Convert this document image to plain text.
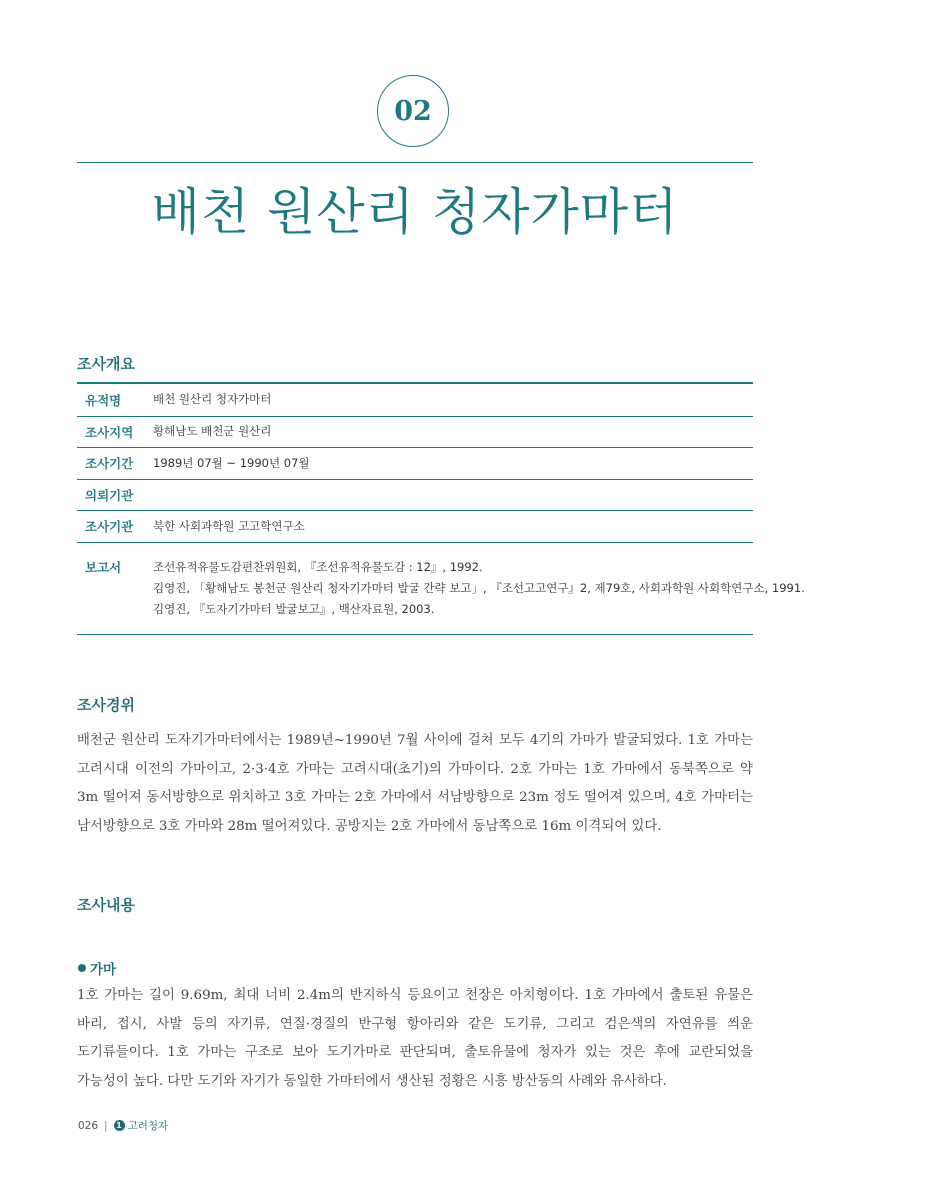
02
배천 원산리 청자가마터
조사개요
유적명	배천 원산리 청자가마터
조사지역	황해남도 배천군 원산리
조사기간	1989년 07월 ~ 1990년 07월
의뢰기관
조사기관	북한 사회과학원 고고학연구소
보고서	조선유적유물도감편찬위원회, 『조선유적유물도감 : 12』, 1992.
김영진, 「황해남도 봉천군 원산리 청자기가마터 발굴 간략 보고」, 『조선고고연구』2, 제79호, 사회과학원 사회학연구소, 1991.
김영진, 『도자기가마터 발굴보고』, 백산자료원, 2003.
조사경위

배천군 원산리 도자기가마터에서는 1989년~1990년 7월 사이에 걸쳐 모두 4기의 가마가 발굴되었다. 1호 가마는 고려시대 이전의 가마이고, 2·3·4호 가마는 고려시대(초기)의 가마이다. 2호 가마는 1호 가마에서 동북쪽으로 약 3m 떨어져 동서방향으로 위치하고 3호 가마는 2호 가마에서 서남방향으로 23m 정도 떨어져 있으며, 4호 가마터는 남서방향으로 3호 가마와 28m 떨어져있다. 공방지는 2호 가마에서 동남쪽으로 16m 이격되어 있다.

조사내용
가마

1호 가마는 길이 9.69m, 최대 너비 2.4m의 반지하식 등요이고 천장은 아치형이다. 1호 가마에서 출토된 유물은 바리, 접시, 사발 등의 자기류, 연질·경질의 반구형 항아리와 같은 도기류, 그리고 검은색의 자연유를 씌운 도기류들이다. 1호 가마는 구조로 보아 도기가마로 판단되며, 출토유물에 청자가 있는 것은 후에 교란되었을 가능성이 높다. 다만 도기와 자기가 동일한 가마터에서 생산된 정황은 시흥 방산동의 사례와 유사하다.

026 |	1 고려청자
